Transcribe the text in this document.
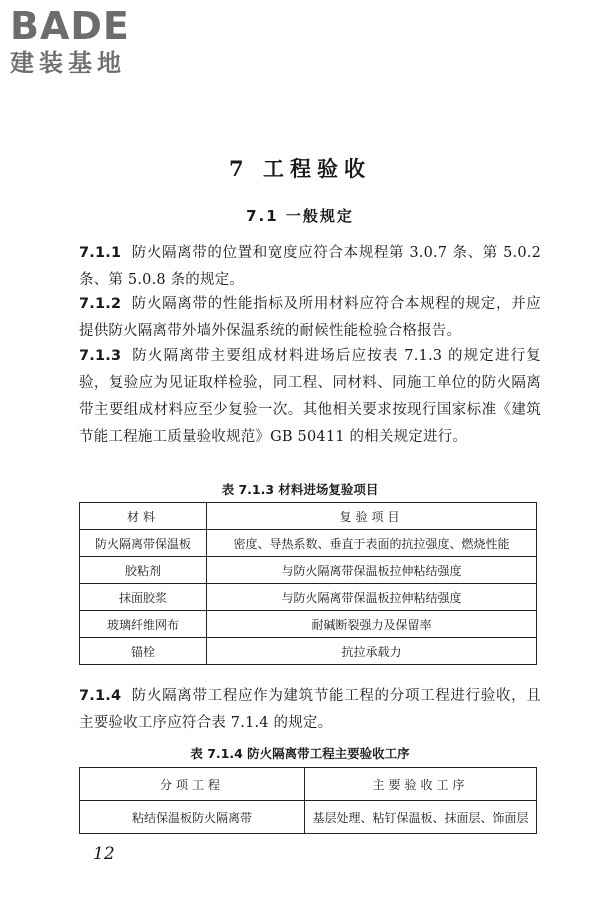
BADE
建装基地
7 工程验收
7.1 一般规定
7.1.1 防火隔离带的位置和宽度应符合本规程第 3.0.7 条、第 5.0.2 条、第 5.0.8 条的规定。
7.1.2 防火隔离带的性能指标及所用材料应符合本规程的规定，并应提供防火隔离带外墙外保温系统的耐候性能检验合格报告。
7.1.3 防火隔离带主要组成材料进场后应按表 7.1.3 的规定进行复验，复验应为见证取样检验，同工程、同材料、同施工单位的防火隔离带主要组成材料应至少复验一次。其他相关要求按现行国家标准《建筑节能工程施工质量验收规范》GB 50411 的相关规定进行。
表 7.1.3 材料进场复验项目
材料	复验项目
防火隔离带保温板	密度、导热系数、垂直于表面的抗拉强度、燃烧性能
胶粘剂	与防火隔离带保温板拉伸粘结强度
抹面胶浆	与防火隔离带保温板拉伸粘结强度
玻璃纤维网布	耐碱断裂强力及保留率
锚栓	抗拉承载力
7.1.4 防火隔离带工程应作为建筑节能工程的分项工程进行验收，且主要验收工序应符合表 7.1.4 的规定。
表 7.1.4 防火隔离带工程主要验收工序
分项工程	主要验收工序
粘结保温板防火隔离带	基层处理、粘钉保温板、抹面层、饰面层
12
